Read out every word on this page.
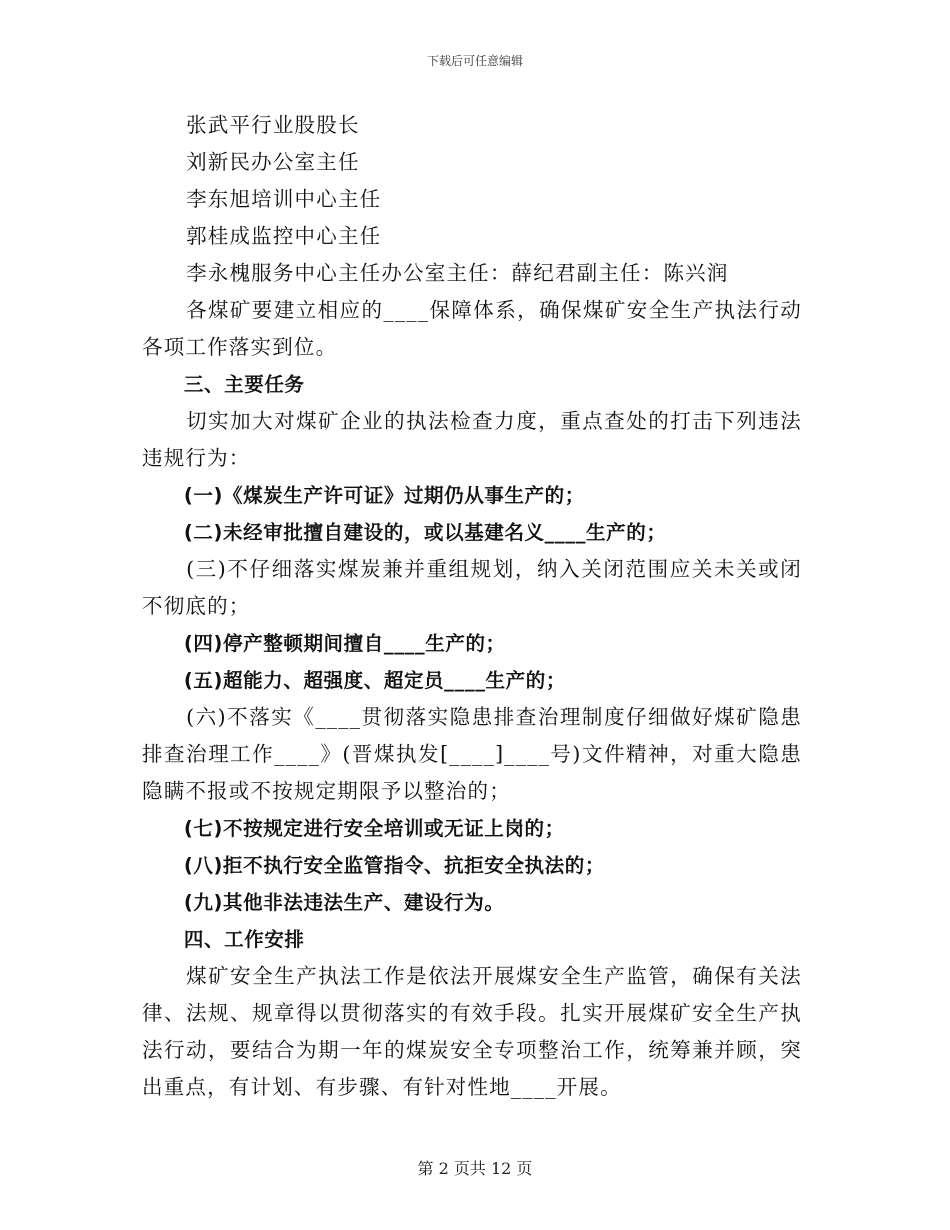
下载后可任意编辑

张武平行业股股长

刘新民办公室主任

李东旭培训中心主任

郭桂成监控中心主任

李永槐服务中心主任办公室主任：薛纪君副主任：陈兴润

各煤矿要建立相应的____保障体系，确保煤矿安全生产执法行动各项工作落实到位。

三、主要任务

切实加大对煤矿企业的执法检查力度，重点查处的打击下列违法违规行为：

(一)《煤炭生产许可证》过期仍从事生产的；

(二)未经审批擅自建设的，或以基建名义____生产的；

(三)不仔细落实煤炭兼并重组规划，纳入关闭范围应关未关或闭不彻底的；

(四)停产整顿期间擅自____生产的；

(五)超能力、超强度、超定员____生产的；

(六)不落实《____贯彻落实隐患排查治理制度仔细做好煤矿隐患排查治理工作____》(晋煤执发[____]____号)文件精神，对重大隐患隐瞒不报或不按规定期限予以整治的；

(七)不按规定进行安全培训或无证上岗的；

(八)拒不执行安全监管指令、抗拒安全执法的；

(九)其他非法违法生产、建设行为。

四、工作安排

煤矿安全生产执法工作是依法开展煤安全生产监管，确保有关法律、法规、规章得以贯彻落实的有效手段。扎实开展煤矿安全生产执法行动，要结合为期一年的煤炭安全专项整治工作，统筹兼并顾，突出重点，有计划、有步骤、有针对性地____开展。

第 2 页共 12 页
